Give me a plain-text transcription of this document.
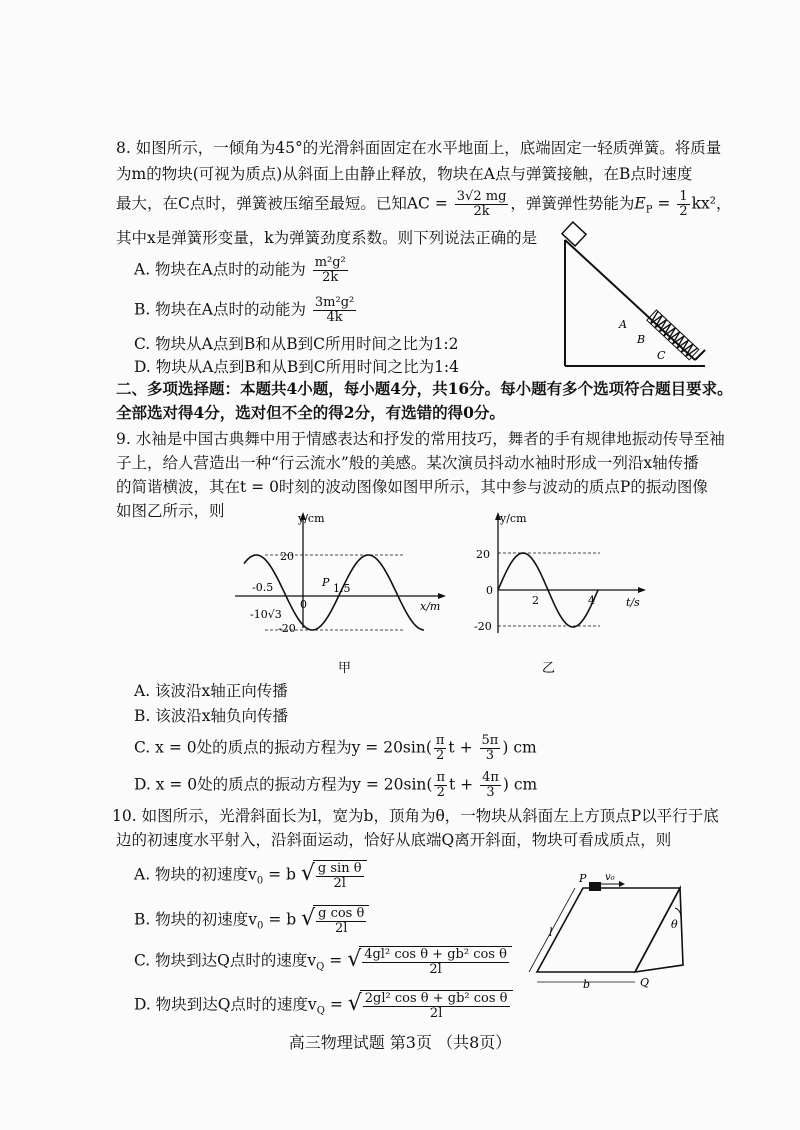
8. 如图所示，一倾角为45°的光滑斜面固定在水平地面上，底端固定一轻质弹簧。将质量
为m的物块(可视为质点)从斜面上由静止释放，物块在A点与弹簧接触，在B点时速度
最大，在C点时，弹簧被压缩至最短。已知AC = $\frac{3√2 mg}{2k}$ ，弹簧弹性势能为$E_P = \frac{1}{2} kx^2$，
其中x是弹簧形变量，k为弹簧劲度系数。则下列说法正确的是
A. 物块在A点时的动能为 $\frac{\text{m²g²}}{2k}$
B. 物块在A点时的动能为 $\frac{\text{3m²g²}}{4k}$
C. 物块从A点到B和从B到C所用时间之比为1:2
D. 物块从A点到B和从B到C所用时间之比为1:4
A
B
C
二、多项选择题：本题共4小题，每小题4分，共16分。每小题有多个选项符合题目要求。
全部选对得4分，选对但不全的得2分，有选错的得0分。
9. 水袖是中国古典舞中用于情感表达和抒发的常用技巧，舞者的手有规律地振动传导至袖
子上，给人营造出一种“行云流水”般的美感。某次演员抖动水袖时形成一列沿x轴传播
的简谐横波，其在t = 0时刻的波动图像如图甲所示，其中参与波动的质点P的振动图像
如图乙所示，则	y/cm
x/m
20
-20
-10√3
-0.5
0
1.5
P
甲
y/cm
t/s
20
-20
0
2	4
乙
A. 该波沿x轴正向传播
B. 该波沿x轴负向传播
C. x = 0处的质点的振动方程为$y = 20\sin( \frac{\pi}{2}$ $t + \frac{5\pi}{3}$ ) cm
D. x = 0处的质点的振动方程为$y = 20\sin( \frac{\pi}{2}$ $t + \frac{4\pi}{3}$ ) cm
10. 如图所示，光滑斜面长为l，宽为b，顶角为θ，一物块从斜面左上方顶点P以平行于底
边的初速度水平射入，沿斜面运动，恰好从底端Q离开斜面，物块可看成质点，则
A. 物块的初速度$v_0 = b$ √ $\frac{\text{g sin θ}}{2l}$
B. 物块的初速度$v_0 = b$ √ $\frac{\text{g cos θ}}{2l}$
C. 物块到达Q点时的速度$v_Q$ = √ $\frac{\text{4gl² cos θ + gb² cos θ}}{2l}$
D. 物块到达Q点时的速度$v_Q$ = √ $\frac{\text{2gl² cos θ + gb² cos θ}}{2l}$
P v₀
l
b	Q
θ
高三物理试题 第3页 （共8页）
